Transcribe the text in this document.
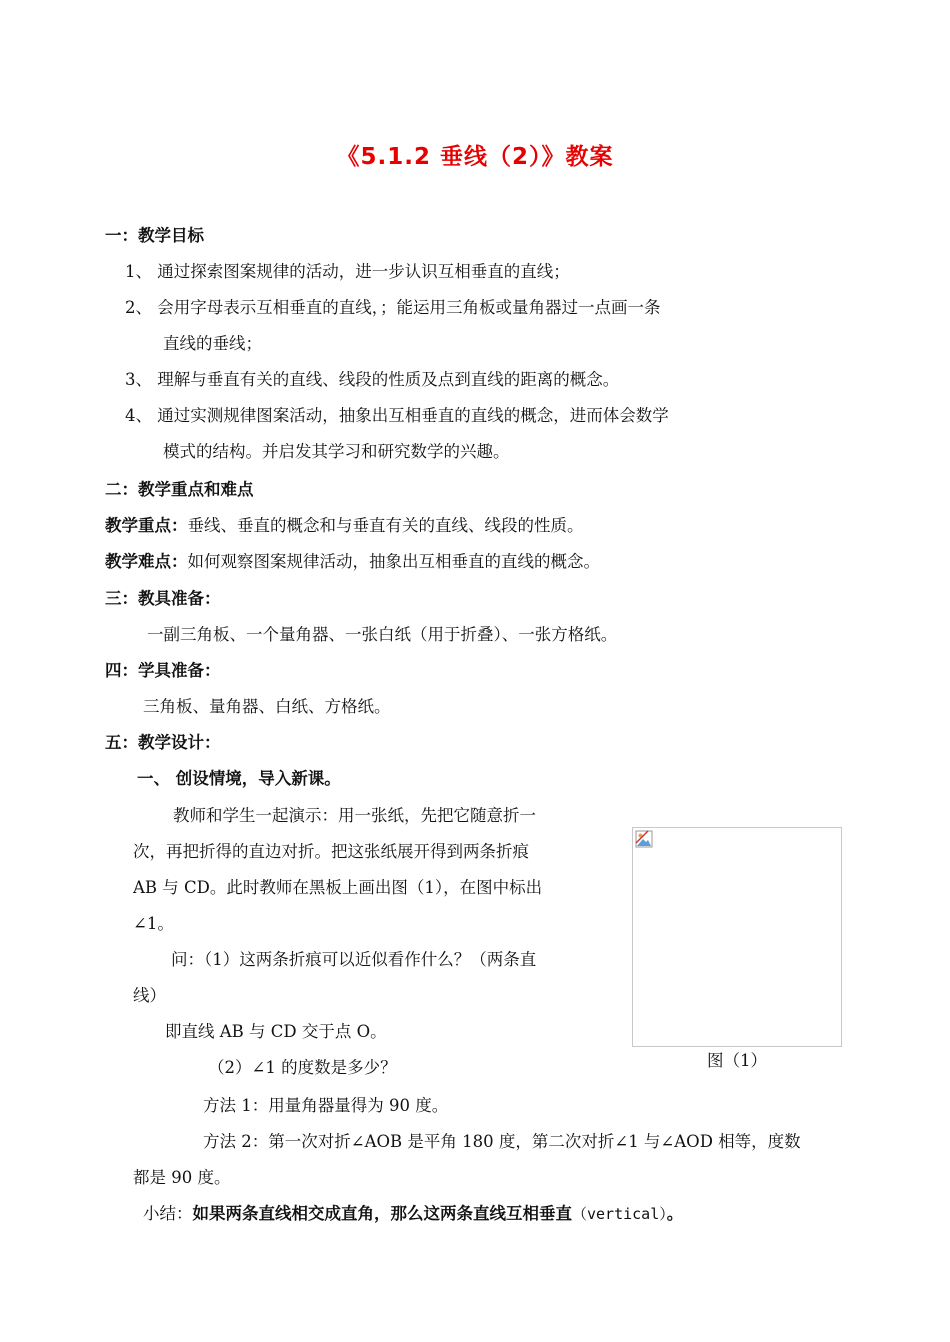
《5.1.2 垂线（2）》教案
一：教学目标
1、 通过探索图案规律的活动，进一步认识互相垂直的直线；
2、 会用字母表示互相垂直的直线，；能运用三角板或量角器过一点画一条
直线的垂线；
3、 理解与垂直有关的直线、线段的性质及点到直线的距离的概念。
4、 通过实测规律图案活动，抽象出互相垂直的直线的概念，进而体会数学
模式的结构。并启发其学习和研究数学的兴趣。
二：教学重点和难点
教学重点：垂线、垂直的概念和与垂直有关的直线、线段的性质。
教学难点：如何观察图案规律活动，抽象出互相垂直的直线的概念。
三：教具准备：
一副三角板、一个量角器、一张白纸（用于折叠）、一张方格纸。
四：学具准备：
三角板、量角器、白纸、方格纸。
五：教学设计：
一、 创设情境，导入新课。
教师和学生一起演示：用一张纸，先把它随意折一
次，再把折得的直边对折。把这张纸展开得到两条折痕
AB 与 CD。此时教师在黑板上画出图（1），在图中标出
∠1。
问：（1）这两条折痕可以近似看作什么？（两条直
线）
即直线 AB 与 CD 交于点 O。
（2）∠1 的度数是多少？
方法 1：用量角器量得为 90 度。
方法 2：第一次对折∠AOB 是平角 180 度，第二次对折∠1 与∠AOD 相等，度数
都是 90 度。
小结：如果两条直线相交成直角，那么这两条直线互相垂直（vertical）。
图（1）
